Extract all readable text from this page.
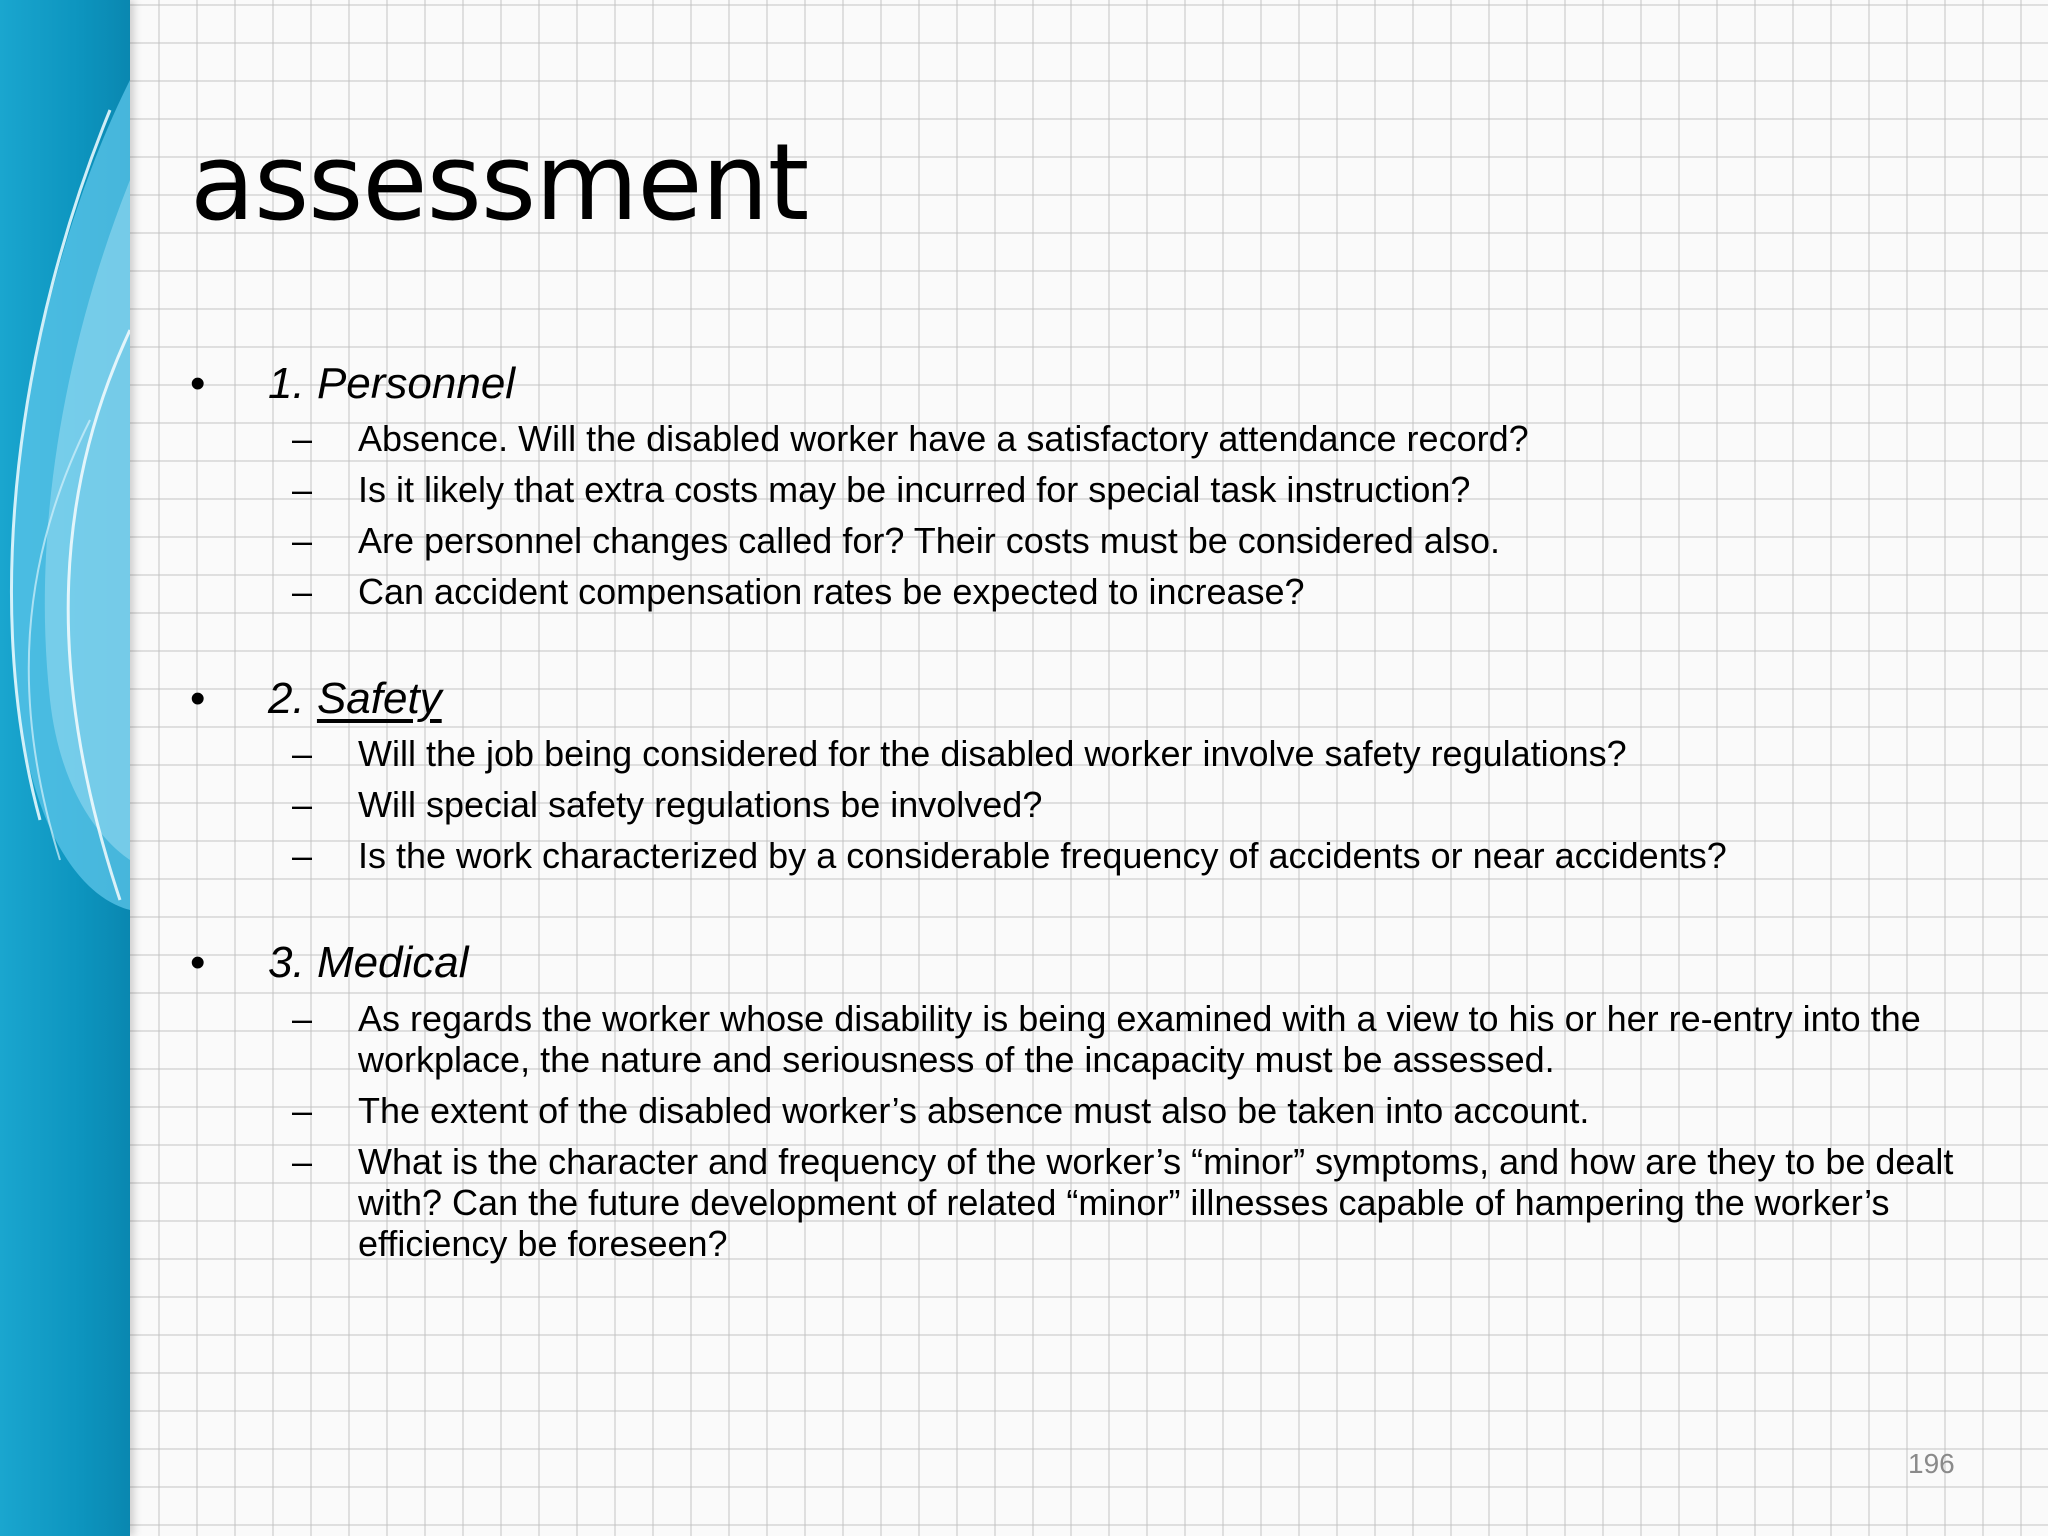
assessment
• 1. Personnel
– Absence. Will the disabled worker have a satisfactory attendance record?
– Is it likely that extra costs may be incurred for special task instruction?
– Are personnel changes called for? Their costs must be considered also.
– Can accident compensation rates be expected to increase?
• 2. Safety
– Will the job being considered for the disabled worker involve safety regulations?
– Will special safety regulations be involved?
– Is the work characterized by a considerable frequency of accidents or near accidents?
• 3. Medical
– As regards the worker whose disability is being examined with a view to his or her re-entry into the workplace, the nature and seriousness of the incapacity must be assessed.
– The extent of the disabled worker’s absence must also be taken into account.
– What is the character and frequency of the worker’s “minor” symptoms, and how are they to be dealt with? Can the future development of related “minor” illnesses capable of hampering the worker’s efficiency be foreseen?
196
